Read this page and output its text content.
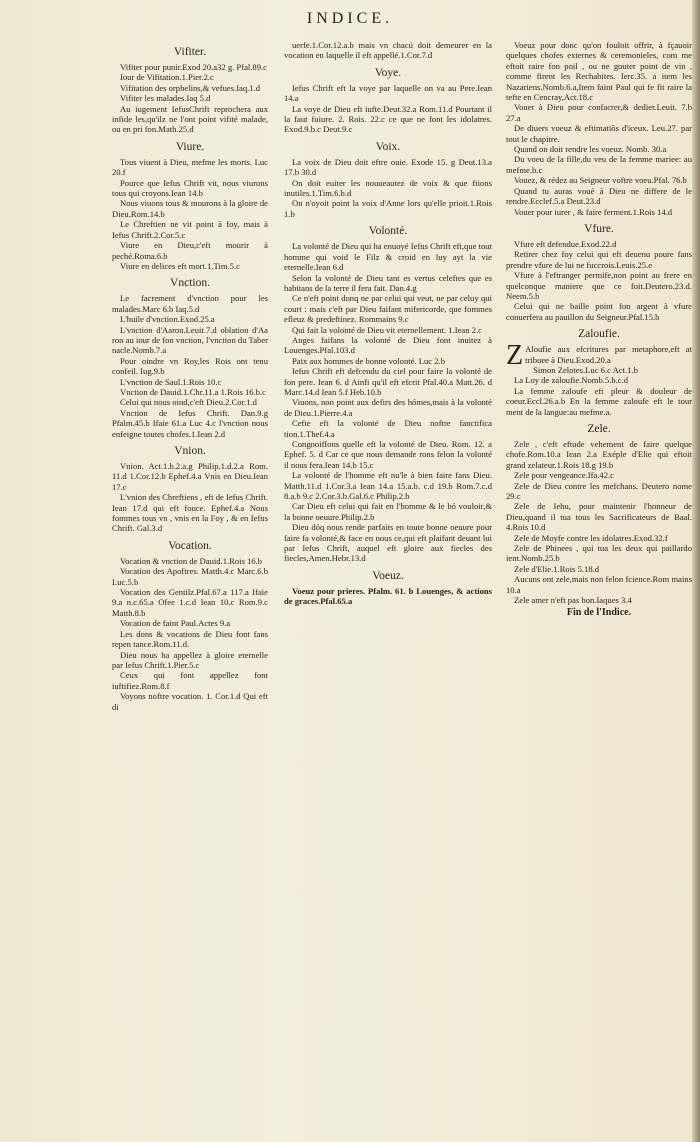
INDICE.
Vifiter.
Vifiter pour punir.Exod 20.a32 g. Pfal.89.c
Iour de Vifitation.1.Pier.2.c
Vifitation des orphelins,& vefues.Iaq.1.d
Vifiter les malades.Iaq 5.d
Au iugement IefusChrift reprochera aux infide les,qu'ilz ne l'ont point vifité malade, ou en pri fon.Math.25.d
Viure.
Tous viuent à Dieu, mefme les morts. Luc 20.f
Pource que Iefus Chrift vit, nous viurons tous qui croyons.Iean 14.b
Nous viuons tous & mourons à la gloire de Dieu.Rom.14.b
Le Chreftien ne vit point à foy, mais à Iefus Chrift.2.Cor.5.c
Viure en Dieu,c'eft mourir à peché.Roma.6.b
Viure en delices eft mort.1.Tim.5.c
Vnction.
Le facrement d'vnction pour les malades.Marc 6.b Iaq.5.d
L'huile d'vnction.Exod.25.a
L'vnction d'Aaron.Leuit.7.d oblation d'Aa ron au iour de fon vnction, l'vnction du Taber nacle.Nomb.7.a
Pour oindre vn Roy,les Rois ont tenu confeil. Iug.9.b
L'vnction de Saul.1.Rois 10.c
Vnction de Dauid.1.Chr.11.a 1.Rois 16.b.c
Celui qui nous oind,c'eft Dieu.2.Cor.1.d
Vnction de Iefus Chrift. Dan.9.g Pfalm.45.b Ifaie 61.a Luc 4.c l'vnction nous enfeigne toutes chofes.1.Iean 2.d
Vnion.
Vnion. Act.1.b.2.a.g Philip.1.d.2.a Rom. 11.d 1.Cor.12.b Ephef.4.a Vnis en Dieu.Iean 17.c
L'vnion des Chreftiens , eft de Iefus Chrift. Iean 17.d qui eft fouce. Ephef.4.a Nous fommes tous vn , vnis en la Foy , & en Iefus Chrift. Gal.3.d
Vocation.
Vocation & vnction de Dauid.1.Rois 16.b
Vocation des Apoftres. Matth.4.c Marc.6.b Luc.5.b
Vocation des Gentilz.Pfal.67.a 117.a Ifaie 9.a n.c.65.a Ofee 1.c.d Iean 10.c Rom.9.c Matth.8.b
Vocation de faint Paul.Actes 9.a
Les dons & vocations de Dieu font fans repen tance.Rom.11.d.
Dieu nous ha appellez à gloire eternelle par Iefus Chrift.1.Pier.5.c
Ceux qui font appellez font iuftifiez.Rom.8.f
Voyons noftre vocation. 1. Cor.1.d Qui eft di
uerfe.1.Cor.12.a.b mais vn chacú doit demeurer en la vocation en laquelle il eft appellé.1.Cor.7.d
Voye.
Iefus Chrift eft la voye par laquelle on va au Pere.Iean 14.a
La voye de Dieu eft iufte.Deut.32.a Rom.11.d Pourtant il la faut fuiure. 2. Rois. 22.c ce que ne font les idolatres. Exod.9.b.c Deut.9.c
Voix.
La voix de Dieu doit eftre ouie. Exode 15. g Deut.13.a 17.b 30.d
On doit euiter les nouueautez de voix & que ftions inutiles.1.Tim.6.b.d
On n'oyoit point la voix d'Anne lors qu'elle prioit.1.Rois 1.b
Volonté.
La volonté de Dieu qui ha enuoyé Iefus Chrift eft,que tout homme qui void le Filz & croid en luy ayt la vie eternelle.Iean 6.d
Selon la volonté de Dieu tant es vertus celeftes que es habitans de la terre il fera fait. Dan.4.g
Ce n'eft point donq ne par celui qui veut, ne par celuy qui court : mais c'eft par Dieu faifant mifericorde, que fommes efleuz & predeftinez. Rommains 9.c
Qui fait la volonté de Dieu vit eternellement. 1.Iean 2.c
Anges faifans la volonté de Dieu font inuitez à Louenges.Pfal.103.d
Paix aux hommes de bonne volonté. Luc 2.b
Iefus Chrift eft defcendu du ciel pour faire la volonté de fon pere. Iean 6. d Ainfi qu'il eft efcrit Pfal.40.a Matt.26. d Marc.14.d Iean 5.f Heb.10.b
Viuons, non point aux defirs des hómes,mais à la volonté de Dieu.1.Pierre.4.a
Cefte eft la volonté de Dieu noftre fanctifica tion.1.Thef.4.a
Congnoiffons quelle eft la volonté de Dieu. Rom. 12. a Ephef. 5. d Car ce que nous demande rons felon la volonté il nous fera.Iean 14.b 15.c
La volonté de l'homme eft nu'le à bien faire fans Dieu. Matth.11.d 1.Cor.3.a Iean 14.a 15.a.b. c.d 19.b Rom.7.c.d 8.a.b 9.c 2.Cor.3.b.Gal.6.c Philip.2.b
Car Dieu eft celui qui fait en l'homme & le bó vouloir,& la bonne oeuure.Philip.2.b
Dieu dóq nous rende parfaits en toute bonne oeuure pour faire fa volonté,& face en nous ce,qui eft plaifant deuant lui par Iefus Chrift, auquel eft gloire aux fiecles des fiecles,Amen.Hebr.13.d
Voeuz.
Voeuz pour prieres. Pfalm. 61. b Louenges, & actions de graces.Pfal.65.a
Voeuz pour donc qu'on fouloit offrir, à fçauoir quelques chofes externes & ceremonieles, com me eftoit raire fon poil , ou ne gouter point de vin , comme firent les Rechabites. Ierc.35. a item les Nazariens.Nomb.6.a,Item faint Paul qui fe fit raire la tefte en Cencray,Act.18.c
Vouer à Dieu pour confacrer,& dedier.Leuit. 7.b 27.a
De diuers voeuz & eftimatiõs d'iceux. Leu.27. par tout le chapitre.
Quand on doit rendre les voeuz. Nomb. 30.a
Du voeu de la fille,du veu de la femme mariee: au mefme.b.c
Vouez, & rédez au Seigneur voftre voeu.Pfal. 76.b
Quand tu auras voué à Dieu ne differe de le rendre.Ecclef.5.a Deut.23.d
Vouer pour iurer , & faire ferment.1.Rois 14.d
Vfure.
Vfure eft defendue.Exod.22.d
Retirer chez foy celui qui eft deuenu poure fans prendre vfure de lui ne fuccrois.Leuis.25.e
Vfure à l'eftranger permife,non point au frere en quelconque maniere que ce foit.Deutero.23.d. Neem.5.b
Celui qui ne baille point fon argent à vfure conuerfera au pauillon du Seigneur.Pfal.15.b
Zaloufie.
Z Aloufie aux efcritures par metaphore,eft at tribuee à Dieu.Exod.20.a
Simon Zelotes.Luc 6.c Act.1.b
La Loy de zaloufie.Nomb.5.b.c.d
La femme zaloufe eft pleur & douleur de coeur.Eccl.26.a.b En la femme zaloufe eft le tour ment de la langue:au mefme.a.
Zele.
Zele , c'eft eftude vehement de faire quelque chofe.Rom.10.a Iean 2.a Exéple d'Elie qui eftoit grand zelateur.1.Rois 18.g 19.b
Zele pour vengeance.Ifa.42.c
Zele de Dieu contre les mefchans. Deutero nome 29.c
Zele de Iehu, pour maintenir l'honneur de Dieu,quand il tua tous les Sacrificateurs de Baal. 4.Rois 10.d
Zele de Moyfe contre les idolatres.Exod.32.f
Zele de Phinees , qui tua les deux qui paillardo ient.Nomb.25.b
Zele d'Elie.1.Rois 5.18.d
Aucuns ont zele,mais non felon fcience.Rom mains 10.a
Zele amer n'eft pas bon.Iaques 3.4
Fin de l'Indice.
